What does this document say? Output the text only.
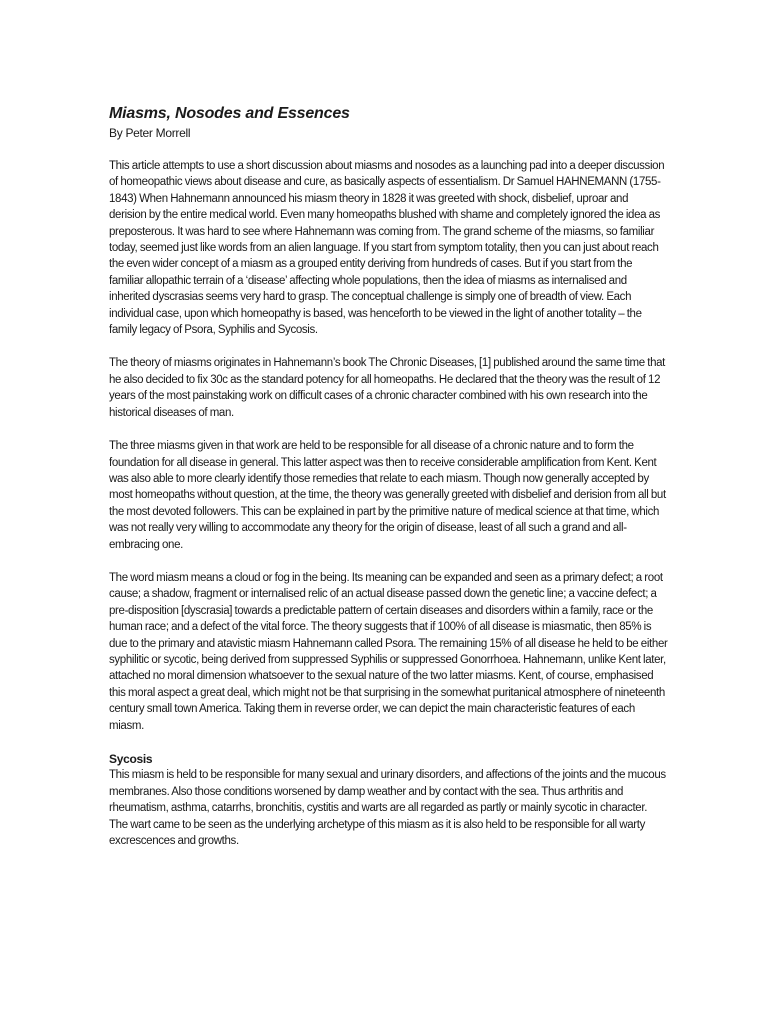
Miasms, Nosodes and Essences

By Peter Morrell

This article attempts to use a short discussion about miasms and nosodes as a launching pad into a deeper discussion of homeopathic views about disease and cure, as basically aspects of essentialism. Dr Samuel HAHNEMANN (1755-1843) When Hahnemann announced his miasm theory in 1828 it was greeted with shock, disbelief, uproar and derision by the entire medical world. Even many homeopaths blushed with shame and completely ignored the idea as preposterous. It was hard to see where Hahnemann was coming from. The grand scheme of the miasms, so familiar today, seemed just like words from an alien language. If you start from symptom totality, then you can just about reach the even wider concept of a miasm as a grouped entity deriving from hundreds of cases. But if you start from the familiar allopathic terrain of a ‘disease’ affecting whole populations, then the idea of miasms as internalised and inherited dyscrasias seems very hard to grasp. The conceptual challenge is simply one of breadth of view. Each individual case, upon which homeopathy is based, was henceforth to be viewed in the light of another totality – the family legacy of Psora, Syphilis and Sycosis.

The theory of miasms originates in Hahnemann’s book The Chronic Diseases, [1] published around the same time that he also decided to fix 30c as the standard potency for all homeopaths. He declared that the theory was the result of 12 years of the most painstaking work on difficult cases of a chronic character combined with his own research into the historical diseases of man.

The three miasms given in that work are held to be responsible for all disease of a chronic nature and to form the foundation for all disease in general. This latter aspect was then to receive considerable amplification from Kent. Kent was also able to more clearly identify those remedies that relate to each miasm. Though now generally accepted by most homeopaths without question, at the time, the theory was generally greeted with disbelief and derision from all but the most devoted followers. This can be explained in part by the primitive nature of medical science at that time, which was not really very willing to accommodate any theory for the origin of disease, least of all such a grand and all-embracing one.

The word miasm means a cloud or fog in the being. Its meaning can be expanded and seen as a primary defect; a root cause; a shadow, fragment or internalised relic of an actual disease passed down the genetic line; a vaccine defect; a pre-disposition [dyscrasia] towards a predictable pattern of certain diseases and disorders within a family, race or the human race; and a defect of the vital force. The theory suggests that if 100% of all disease is miasmatic, then 85% is due to the primary and atavistic miasm Hahnemann called Psora. The remaining 15% of all disease he held to be either syphilitic or sycotic, being derived from suppressed Syphilis or suppressed Gonorrhoea. Hahnemann, unlike Kent later, attached no moral dimension whatsoever to the sexual nature of the two latter miasms. Kent, of course, emphasised this moral aspect a great deal, which might not be that surprising in the somewhat puritanical atmosphere of nineteenth century small town America. Taking them in reverse order, we can depict the main characteristic features of each miasm.

Sycosis

This miasm is held to be responsible for many sexual and urinary disorders, and affections of the joints and the mucous membranes. Also those conditions worsened by damp weather and by contact with the sea. Thus arthritis and rheumatism, asthma, catarrhs, bronchitis, cystitis and warts are all regarded as partly or mainly sycotic in character. The wart came to be seen as the underlying archetype of this miasm as it is also held to be responsible for all warty excrescences and growths.
